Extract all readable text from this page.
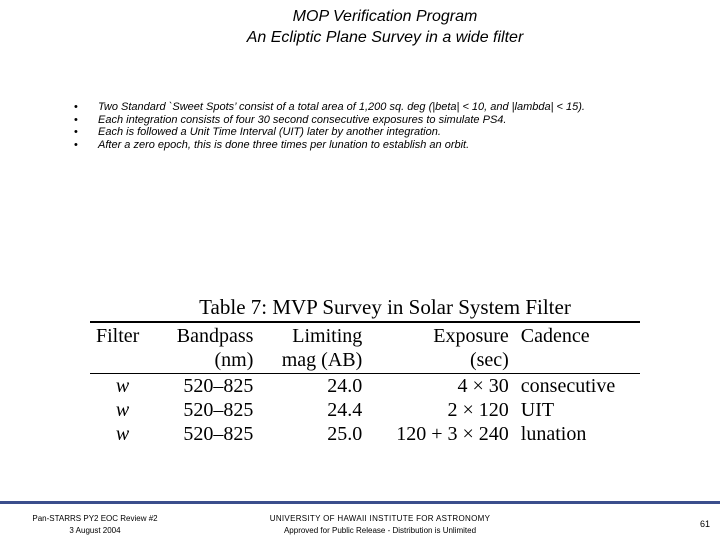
MOP Verification Program
An Ecliptic Plane Survey in a wide filter
• Two Standard `Sweet Spots’ consist of a total area of 1,200 sq. deg (|beta| < 10, and |lambda| < 15).
• Each integration consists of four 30 second consecutive exposures to simulate PS4.
• Each is followed a Unit Time Interval (UIT) later by another integration.
• After a zero epoch, this is done three times per lunation to establish an orbit.
Table 7: MVP Survey in Solar System Filter
Filter	Bandpass	Limiting	Exposure	Cadence
	(nm)	mag (AB)	(sec)	
w	520–825	24.0	4 × 30	consecutive
w	520–825	24.4	2 × 120	UIT
w	520–825	25.0	120 + 3 × 240	lunation
Pan-STARRS PY2 EOC Review #2
3 August 2004
UNIVERSITY OF HAWAII INSTITUTE FOR ASTRONOMY
Approved for Public Release - Distribution is Unlimited
61
